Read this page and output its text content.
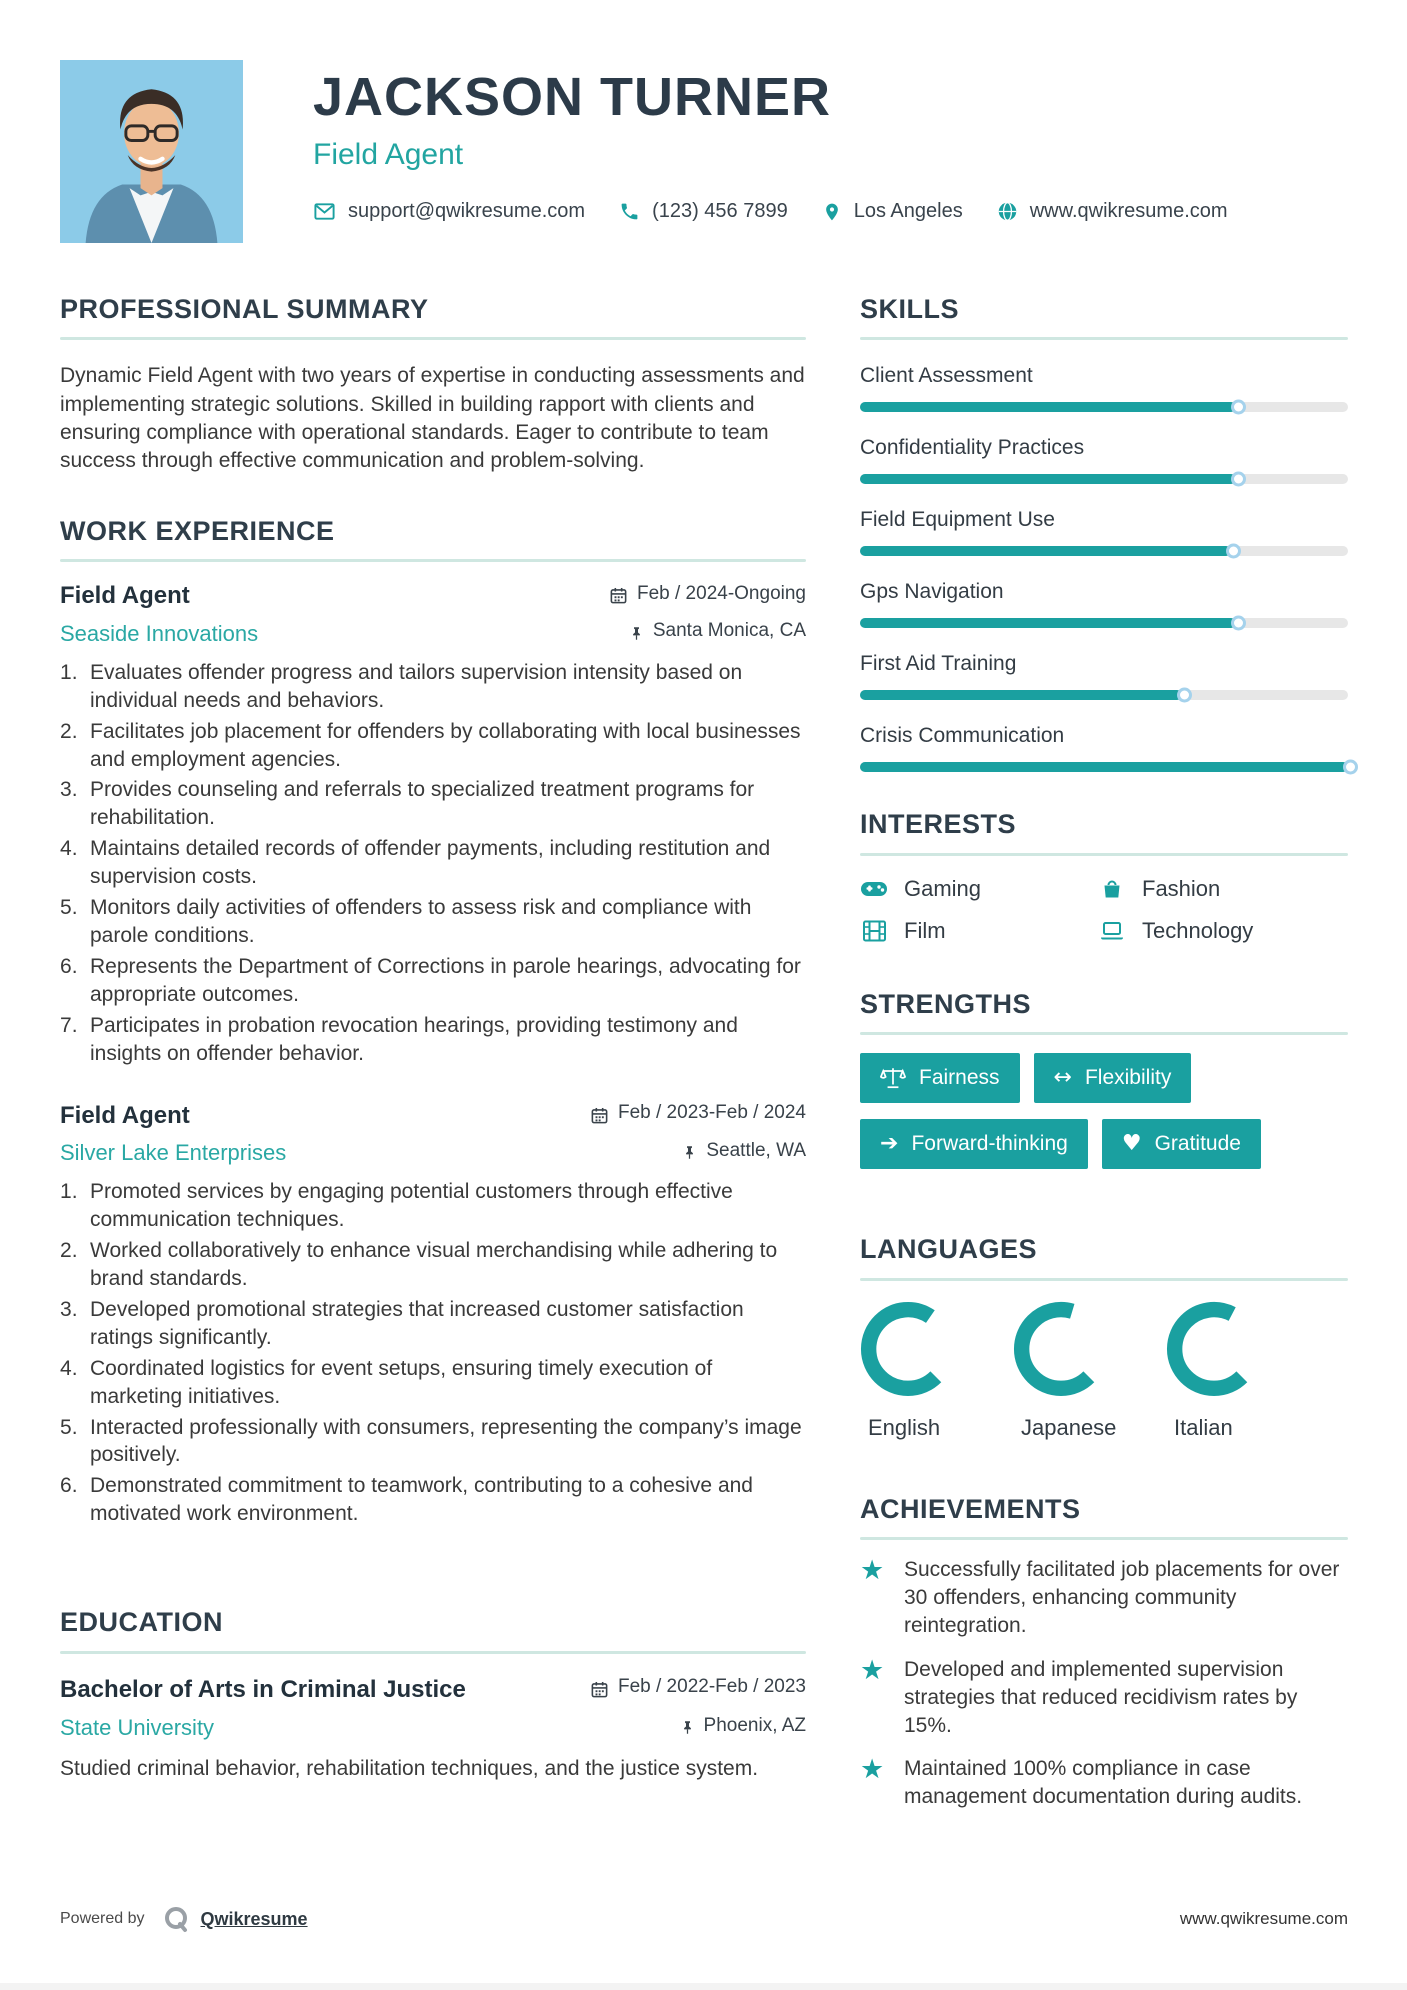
JACKSON TURNER
Field Agent
support@qwikresume.com	(123) 456 7899	Los Angeles	www.qwikresume.com
PROFESSIONAL SUMMARY
Dynamic Field Agent with two years of expertise in conducting assessments and implementing strategic solutions. Skilled in building rapport with clients and ensuring compliance with operational standards. Eager to contribute to team success through effective communication and problem-solving.
WORK EXPERIENCE
Field Agent	Feb / 2024-Ongoing
Seaside Innovations	Santa Monica, CA
Evaluates offender progress and tailors supervision intensity based on individual needs and behaviors.
Facilitates job placement for offenders by collaborating with local businesses and employment agencies.
Provides counseling and referrals to specialized treatment programs for rehabilitation.
Maintains detailed records of offender payments, including restitution and supervision costs.
Monitors daily activities of offenders to assess risk and compliance with parole conditions.
Represents the Department of Corrections in parole hearings, advocating for appropriate outcomes.
Participates in probation revocation hearings, providing testimony and insights on offender behavior.
Field Agent	Feb / 2023-Feb / 2024
Silver Lake Enterprises	Seattle, WA
Promoted services by engaging potential customers through effective communication techniques.
Worked collaboratively to enhance visual merchandising while adhering to brand standards.
Developed promotional strategies that increased customer satisfaction ratings significantly.
Coordinated logistics for event setups, ensuring timely execution of marketing initiatives.
Interacted professionally with consumers, representing the company’s image positively.
Demonstrated commitment to teamwork, contributing to a cohesive and motivated work environment.
EDUCATION
Bachelor of Arts in Criminal Justice	Feb / 2022-Feb / 2023
State University	Phoenix, AZ
Studied criminal behavior, rehabilitation techniques, and the justice system.
SKILLS
Client Assessment
Confidentiality Practices
Field Equipment Use
Gps Navigation
First Aid Training
Crisis Communication
INTERESTS
Gaming	Fashion
Film	Technology
STRENGTHS
Fairness ↔ Flexibility
➔ Forward-thinking ♥ Gratitude
LANGUAGES
English	Japanese	Italian
ACHIEVEMENTS
★ Successfully facilitated job placements for over 30 offenders, enhancing community reintegration.
★ Developed and implemented supervision strategies that reduced recidivism rates by 15%.
★ Maintained 100% compliance in case management documentation during audits.
Powered by	Qwikresume	www.qwikresume.com
